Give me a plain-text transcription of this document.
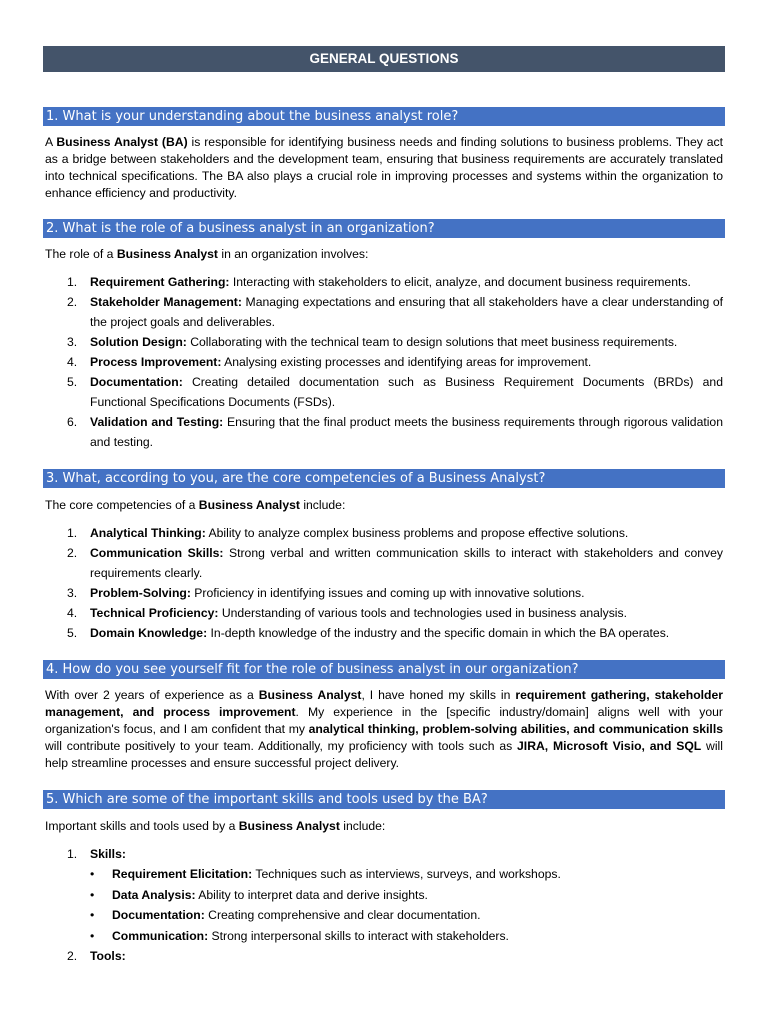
GENERAL QUESTIONS
1. What is your understanding about the business analyst role?

A Business Analyst (BA) is responsible for identifying business needs and finding solutions to business problems. They act as a bridge between stakeholders and the development team, ensuring that business requirements are accurately translated into technical specifications. The BA also plays a crucial role in improving processes and systems within the organization to enhance efficiency and productivity.

2. What is the role of a business analyst in an organization?

The role of a Business Analyst in an organization involves:

1. Requirement Gathering: Interacting with stakeholders to elicit, analyze, and document business requirements.
2. Stakeholder Management: Managing expectations and ensuring that all stakeholders have a clear understanding of the project goals and deliverables.
3. Solution Design: Collaborating with the technical team to design solutions that meet business requirements.
4. Process Improvement: Analysing existing processes and identifying areas for improvement.
5. Documentation: Creating detailed documentation such as Business Requirement Documents (BRDs) and Functional Specifications Documents (FSDs).
6. Validation and Testing: Ensuring that the final product meets the business requirements through rigorous validation and testing.
3. What, according to you, are the core competencies of a Business Analyst?

The core competencies of a Business Analyst include:

1. Analytical Thinking: Ability to analyze complex business problems and propose effective solutions.
2. Communication Skills: Strong verbal and written communication skills to interact with stakeholders and convey requirements clearly.
3. Problem-Solving: Proficiency in identifying issues and coming up with innovative solutions.
4. Technical Proficiency: Understanding of various tools and technologies used in business analysis.
5. Domain Knowledge: In-depth knowledge of the industry and the specific domain in which the BA operates.
4. How do you see yourself fit for the role of business analyst in our organization?

With over 2 years of experience as a Business Analyst, I have honed my skills in requirement gathering, stakeholder management, and process improvement. My experience in the [specific industry/domain] aligns well with your organization's focus, and I am confident that my analytical thinking, problem-solving abilities, and communication skills will contribute positively to your team. Additionally, my proficiency with tools such as JIRA, Microsoft Visio, and SQL will help streamline processes and ensure successful project delivery.

5. Which are some of the important skills and tools used by the BA?

Important skills and tools used by a Business Analyst include:

1. Skills:
• Requirement Elicitation: Techniques such as interviews, surveys, and workshops.
• Data Analysis: Ability to interpret data and derive insights.
• Documentation: Creating comprehensive and clear documentation.
• Communication: Strong interpersonal skills to interact with stakeholders.
2. Tools:
